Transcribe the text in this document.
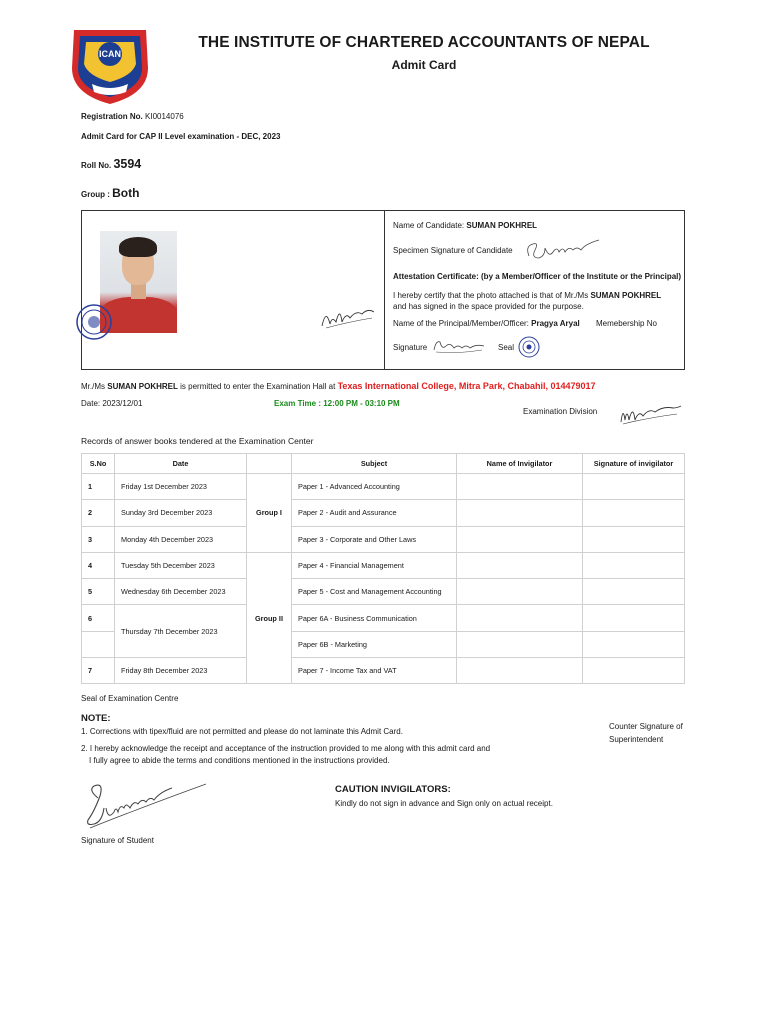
ICAN
THE INSTITUTE OF CHARTERED ACCOUNTANTS OF NEPAL
Admit Card
Registration No. KI0014076
Admit Card for CAP II Level examination - DEC, 2023
Roll No. 3594
Group : Both
Name of Candidate: SUMAN POKHREL
Specimen Signature of Candidate
Attestation Certificate: (by a Member/Officer of the Institute or the Principal)
I hereby certify that the photo attached is that of Mr./Ms SUMAN POKHREL and has signed in the space provided for the purpose.
Name of the Principal/Member/Officer: Pragya Aryal Memebership No
Signature	Seal
Mr./Ms SUMAN POKHREL is permitted to enter the Examination Hall at Texas International College, Mitra Park, Chabahil, 014479017
Date: 2023/12/01	Exam Time : 12:00 PM - 03:10 PM
Examination Division
Records of answer books tendered at the Examination Center
S.No	Date		Subject	Name of Invigilator	Signature of invigilator
1	Friday 1st December 2023	Group I	Paper 1 - Advanced Accounting		
2	Sunday 3rd December 2023		Paper 2 - Audit and Assurance		
3	Monday 4th December 2023		Paper 3 - Corporate and Other Laws		
4	Tuesday 5th December 2023	Group II	Paper 4 - Financial Management		
5	Wednesday 6th December 2023		Paper 5 - Cost and Management Accounting		
6	Thursday 7th December 2023		Paper 6A - Business Communication		
			Paper 6B - Marketing		
7	Friday 8th December 2023		Paper 7 - Income Tax and VAT		
Seal of Examination Centre
NOTE:
1. Corrections with tipex/fluid are not permitted and please do not laminate this Admit Card.
2. I hereby acknowledge the receipt and acceptance of the instruction provided to me along with this admit card and
I fully agree to abide the terms and conditions mentioned in the instructions provided.
Counter Signature of
Superintendent
CAUTION INVIGILATORS:
Kindly do not sign in advance and Sign only on actual receipt.
Signature of Student
